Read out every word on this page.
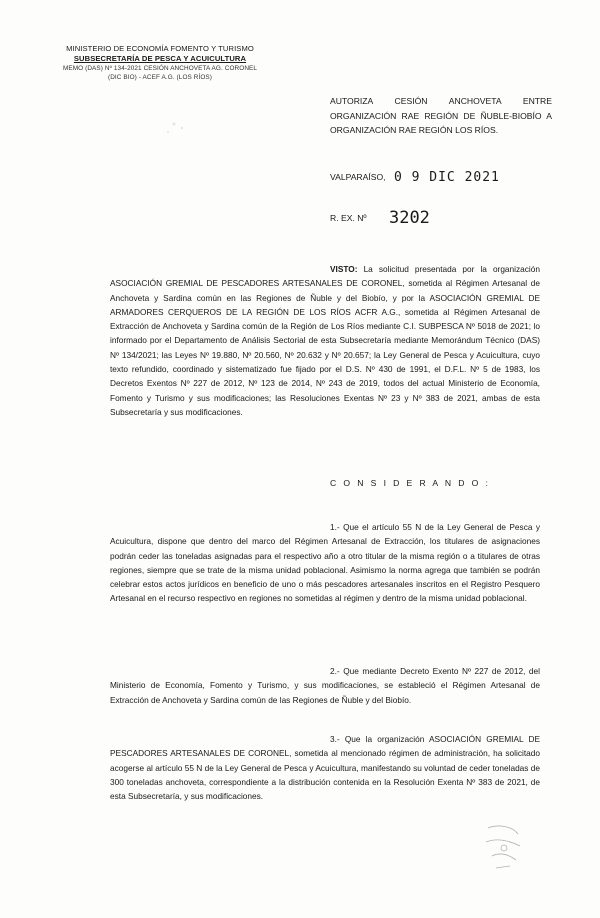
MINISTERIO DE ECONOMÍA FOMENTO Y TURISMO
SUBSECRETARÍA DE PESCA Y ACUICULTURA
MEMO (DAS) Nº 134-2021 CESIÓN ANCHOVETA AG. CORONEL
(DIC BIO) - ACEF A.G. (LOS RÍOS)
AUTORIZA CESIÓN ANCHOVETA ENTRE ORGANIZACIÓN RAE REGIÓN DE ÑUBLE-BIOBÍO A ORGANIZACIÓN RAE REGIÓN LOS RÍOS.
VALPARAÍSO, 0 9 DIC 2021
R. EX. Nº 3202
VISTO: La solicitud presentada por la organización ASOCIACIÓN GREMIAL DE PESCADORES ARTESANALES DE CORONEL, sometida al Régimen Artesanal de Anchoveta y Sardina común en las Regiones de Ñuble y del Biobío, y por la ASOCIACIÓN GREMIAL DE ARMADORES CERQUEROS DE LA REGIÓN DE LOS RÍOS ACFR A.G., sometida al Régimen Artesanal de Extracción de Anchoveta y Sardina común de la Región de Los Ríos mediante C.I. SUBPESCA Nº 5018 de 2021; lo informado por el Departamento de Análisis Sectorial de esta Subsecretaría mediante Memorándum Técnico (DAS) Nº 134/2021; las Leyes Nº 19.880, Nº 20.560, Nº 20.632 y Nº 20.657; la Ley General de Pesca y Acuicultura, cuyo texto refundido, coordinado y sistematizado fue fijado por el D.S. Nº 430 de 1991, el D.F.L. Nº 5 de 1983, los Decretos Exentos Nº 227 de 2012, Nº 123 de 2014, Nº 243 de 2019, todos del actual Ministerio de Economía, Fomento y Turismo y sus modificaciones; las Resoluciones Exentas Nº 23 y Nº 383 de 2021, ambas de esta Subsecretaría y sus modificaciones.
C O N S I D E R A N D O :
1.- Que el artículo 55 N de la Ley General de Pesca y Acuicultura, dispone que dentro del marco del Régimen Artesanal de Extracción, los titulares de asignaciones podrán ceder las toneladas asignadas para el respectivo año a otro titular de la misma región o a titulares de otras regiones, siempre que se trate de la misma unidad poblacional. Asimismo la norma agrega que también se podrán celebrar estos actos jurídicos en beneficio de uno o más pescadores artesanales inscritos en el Registro Pesquero Artesanal en el recurso respectivo en regiones no sometidas al régimen y dentro de la misma unidad poblacional.
2.- Que mediante Decreto Exento Nº 227 de 2012, del Ministerio de Economía, Fomento y Turismo, y sus modificaciones, se estableció el Régimen Artesanal de Extracción de Anchoveta y Sardina común de las Regiones de Ñuble y del Biobío.
3.- Que la organización ASOCIACIÓN GREMIAL DE PESCADORES ARTESANALES DE CORONEL, sometida al mencionado régimen de administración, ha solicitado acogerse al artículo 55 N de la Ley General de Pesca y Acuicultura, manifestando su voluntad de ceder toneladas de 300 toneladas anchoveta, correspondiente a la distribución contenida en la Resolución Exenta Nº 383 de 2021, de esta Subsecretaría, y sus modificaciones.
